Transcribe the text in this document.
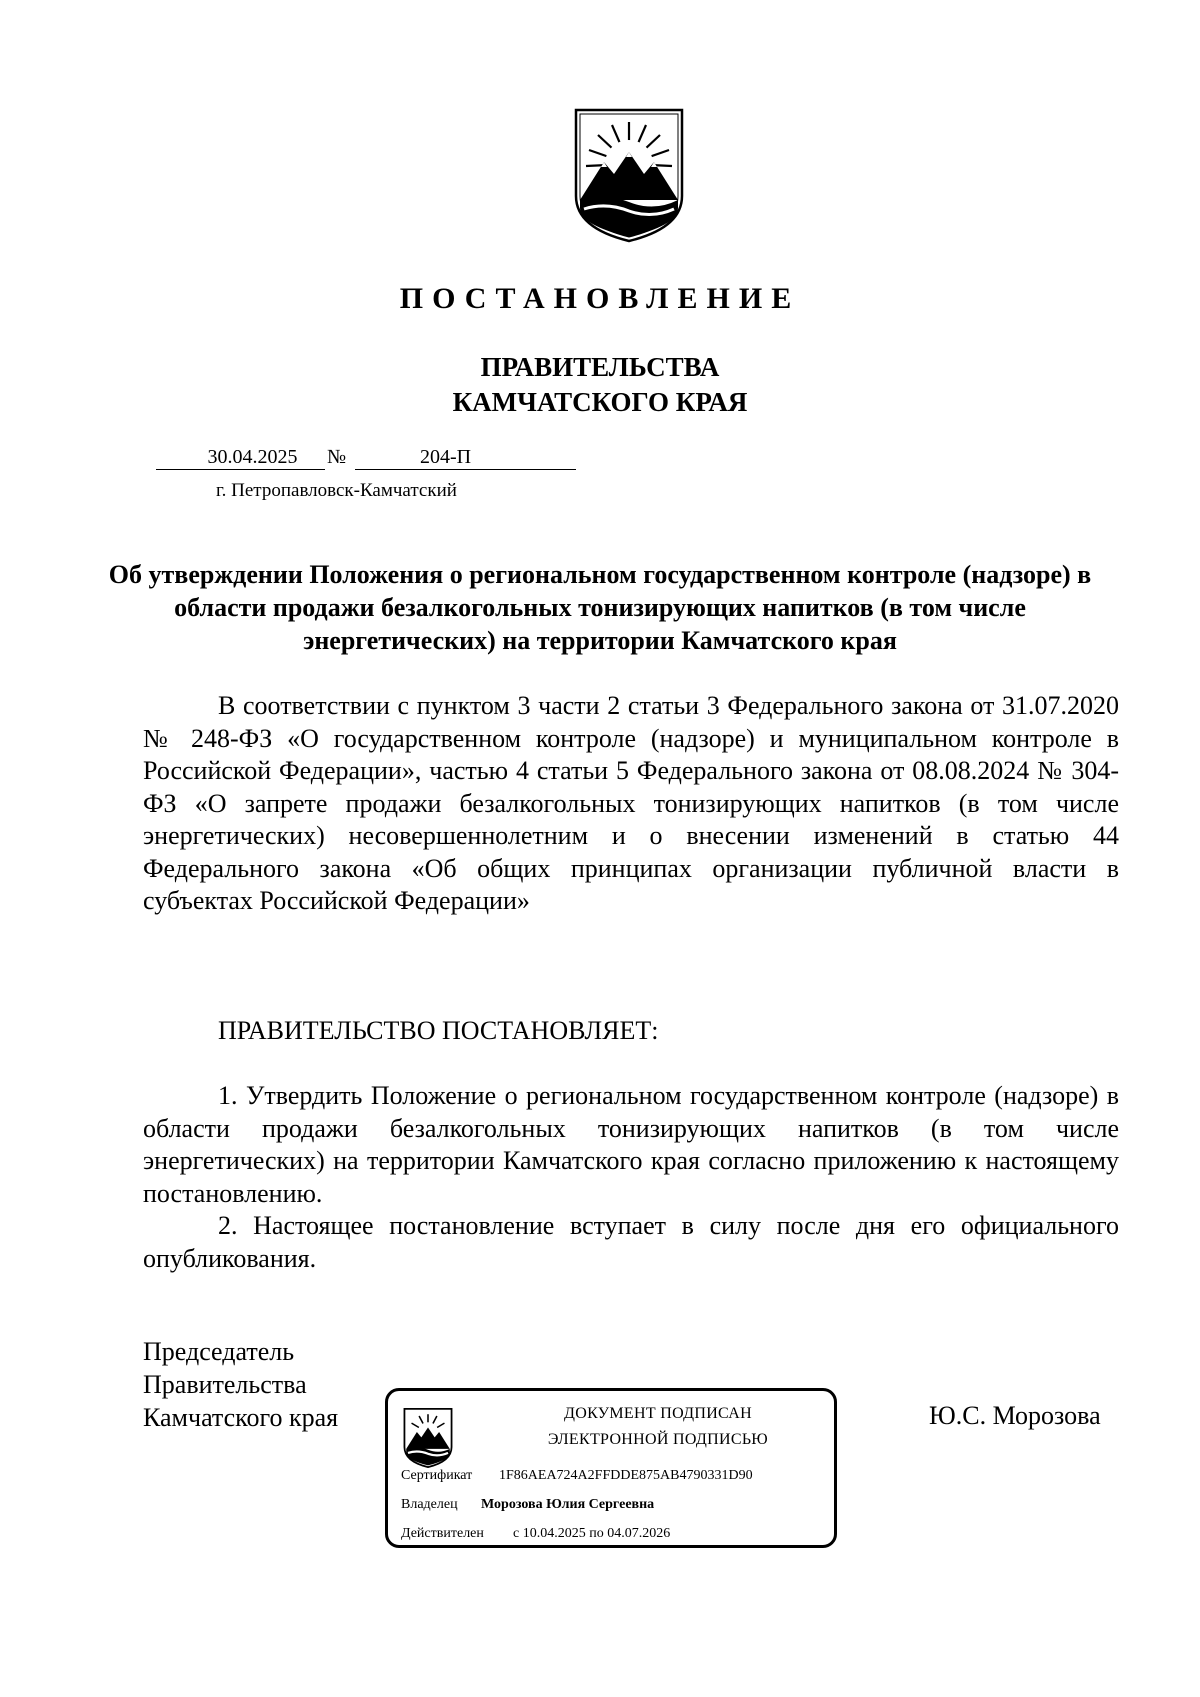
ПОСТАНОВЛЕНИЕ
ПРАВИТЕЛЬСТВА
КАМЧАТСКОГО КРАЯ
30.04.2025	№	204-П
г. Петропавловск-Камчатский
Об утверждении Положения о региональном государственном контроле (надзоре) в области продажи безалкогольных тонизирующих напитков (в том числе энергетических) на территории Камчатского края
В соответствии с пунктом 3 части 2 статьи 3 Федерального закона от 31.07.2020 № 248-ФЗ «О государственном контроле (надзоре) и муниципальном контроле в Российской Федерации», частью 4 статьи 5 Федерального закона от 08.08.2024 № 304-ФЗ «О запрете продажи безалкогольных тонизирующих напитков (в том числе энергетических) несовершеннолетним и о внесении изменений в статью 44 Федерального закона «Об общих принципах организации публичной власти в субъектах Российской Федерации»
ПРАВИТЕЛЬСТВО ПОСТАНОВЛЯЕТ:
1. Утвердить Положение о региональном государственном контроле (надзоре) в области продажи безалкогольных тонизирующих напитков (в том числе энергетических) на территории Камчатского края согласно приложению к настоящему постановлению.
2. Настоящее постановление вступает в силу после дня его официального опубликования.
Председатель
Правительства
Камчатского края	ДОКУМЕНТ ПОДПИСАН
ЭЛЕКТРОННОЙ ПОДПИСЬЮ
Сертификат 1F86AEA724A2FFDDE875AB4790331D90
Владелец Морозова Юлия Сергеевна
Действителен с 10.04.2025 по 04.07.2026
Ю.С. Морозова
